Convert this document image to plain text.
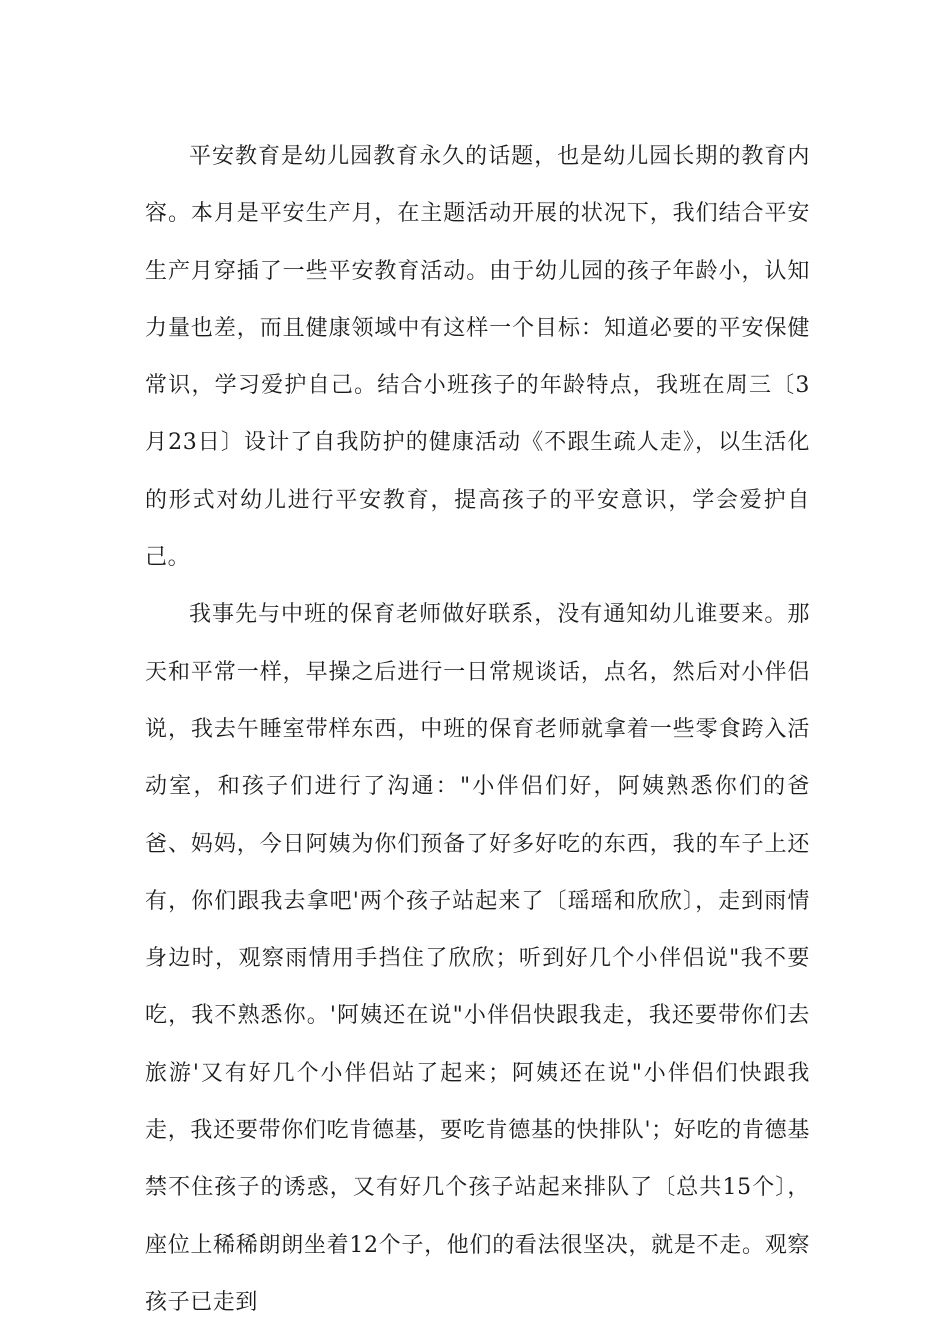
平安教育是幼儿园教育永久的话题，也是幼儿园长期的教育内容。本月是平安生产月，在主题活动开展的状况下，我们结合平安生产月穿插了一些平安教育活动。由于幼儿园的孩子年龄小，认知力量也差，而且健康领域中有这样一个目标：知道必要的平安保健常识，学习爱护自己。结合小班孩子的年龄特点，我班在周三〔3月23日〕设计了自我防护的健康活动《不跟生疏人走》，以生活化的形式对幼儿进行平安教育，提高孩子的平安意识，学会爱护自己。

我事先与中班的保育老师做好联系，没有通知幼儿谁要来。那天和平常一样，早操之后进行一日常规谈话，点名，然后对小伴侣说，我去午睡室带样东西，中班的保育老师就拿着一些零食跨入活动室，和孩子们进行了沟通："小伴侣们好，阿姨熟悉你们的爸爸、妈妈，今日阿姨为你们预备了好多好吃的东西，我的车子上还有，你们跟我去拿吧'两个孩子站起来了〔瑶瑶和欣欣〕，走到雨情身边时，观察雨情用手挡住了欣欣；听到好几个小伴侣说"我不要吃，我不熟悉你。'阿姨还在说"小伴侣快跟我走，我还要带你们去旅游'又有好几个小伴侣站了起来；阿姨还在说"小伴侣们快跟我走，我还要带你们吃肯德基，要吃肯德基的快排队'；好吃的肯德基禁不住孩子的诱惑，又有好几个孩子站起来排队了〔总共15个〕，座位上稀稀朗朗坐着12个子，他们的看法很坚决，就是不走。观察孩子已走到
